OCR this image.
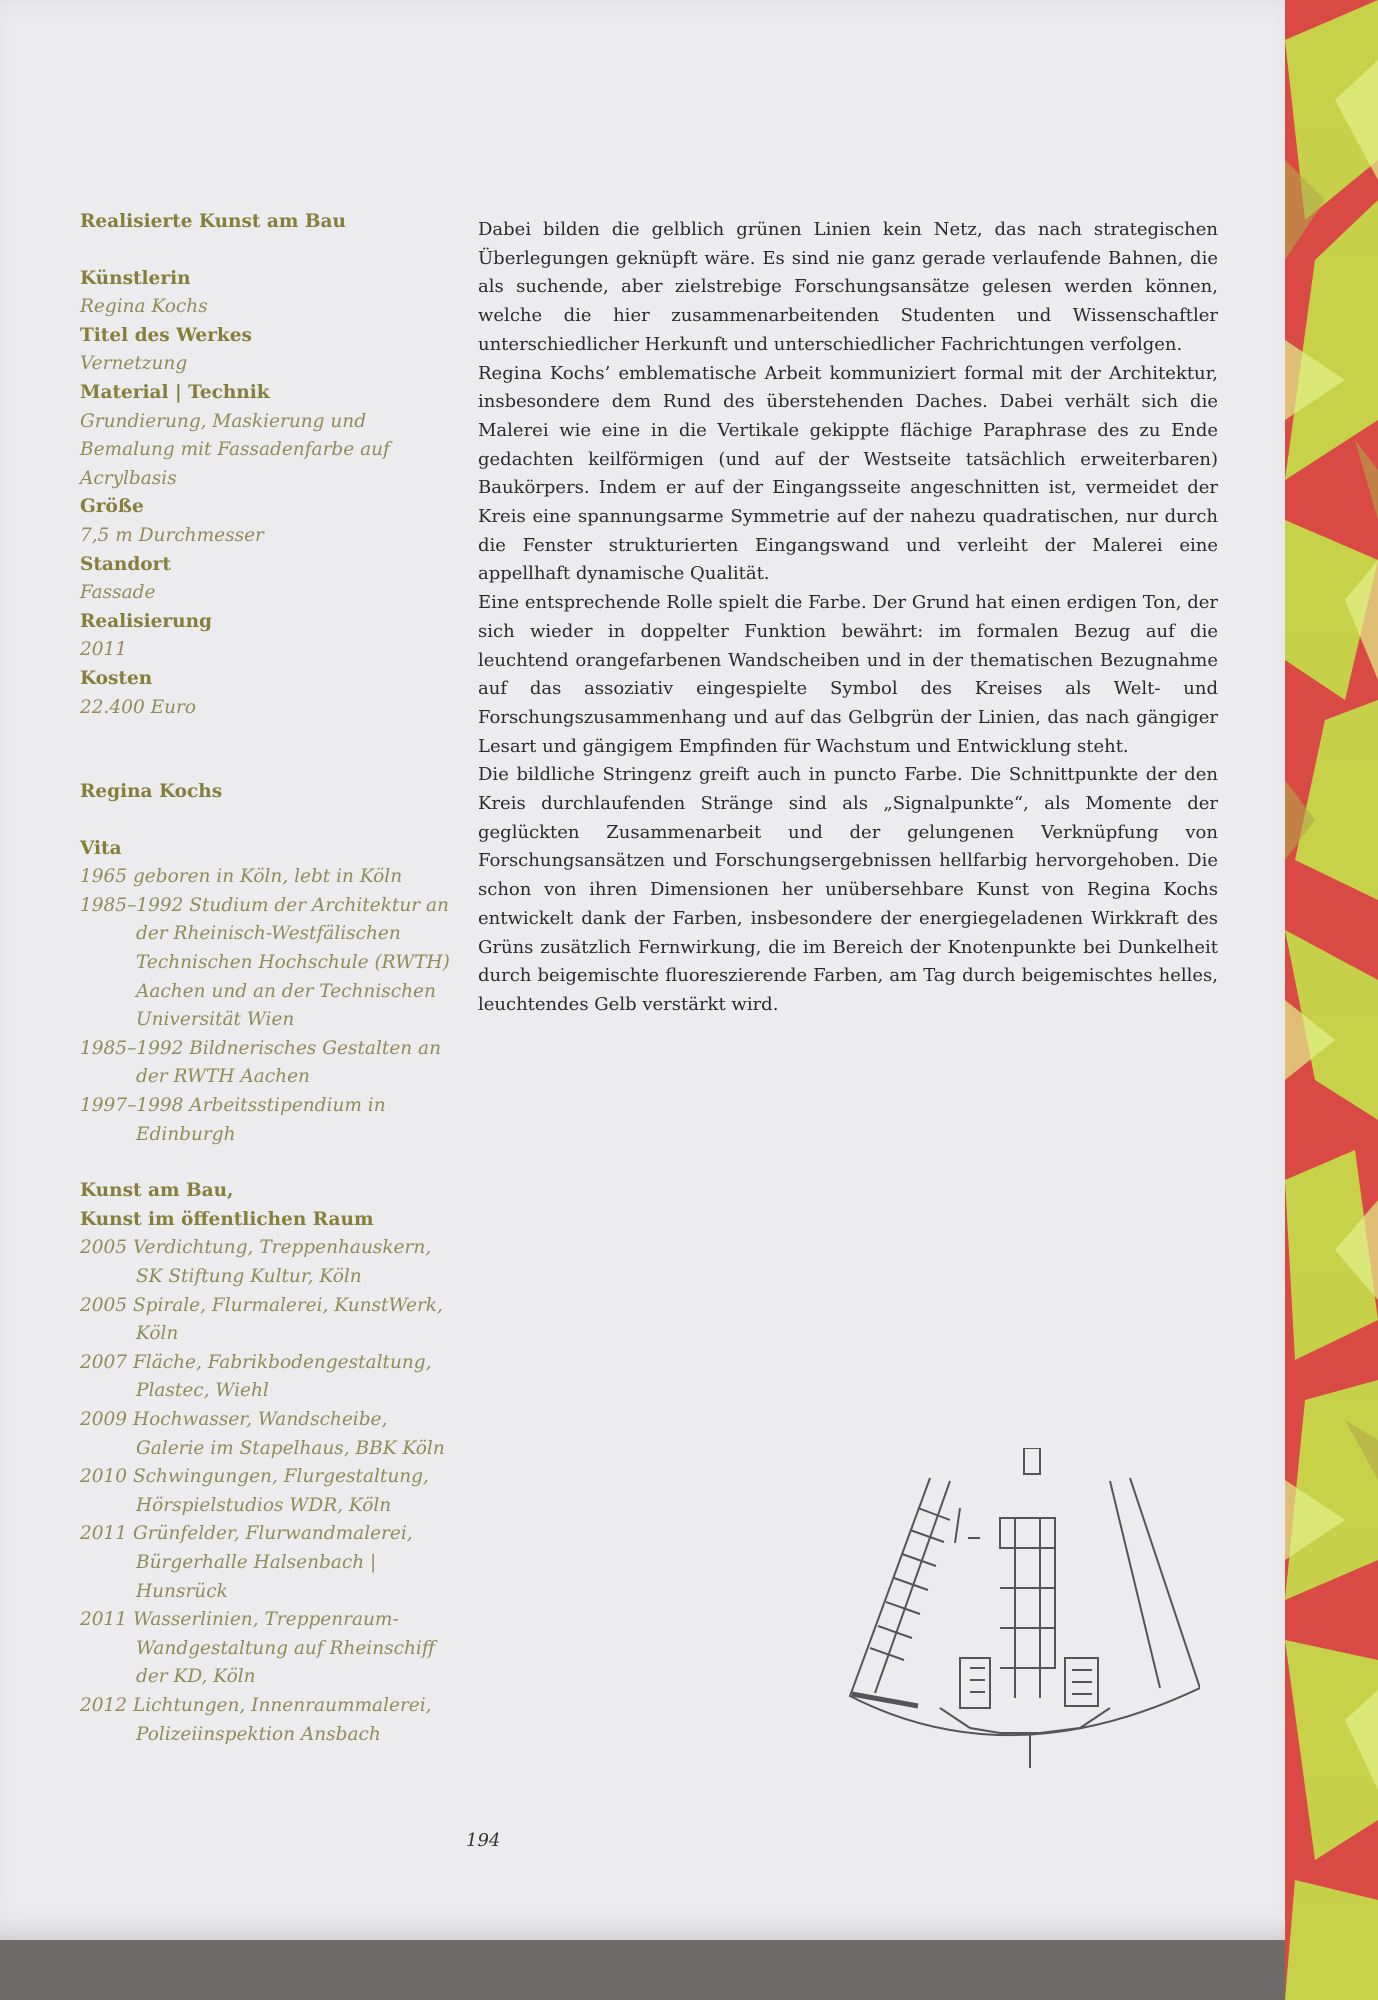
Realisierte Kunst am Bau
Künstlerin
Regina Kochs
Titel des Werkes
Vernetzung
Material | Technik
Grundierung, Maskierung und Bemalung mit Fassadenfarbe auf Acrylbasis
Größe
7,5 m Durchmesser
Standort
Fassade
Realisierung
2011
Kosten
22.400 Euro
Regina Kochs
Vita
1965 geboren in Köln, lebt in Köln
1985–1992 Studium der Architektur an der Rheinisch-Westfälischen Technischen Hochschule (RWTH) Aachen und an der Technischen Universität Wien
1985–1992 Bildnerisches Gestalten an der RWTH Aachen
1997–1998 Arbeitsstipendium in Edinburgh
Kunst am Bau,
Kunst im öffentlichen Raum
2005 Verdichtung, Treppenhauskern, SK Stiftung Kultur, Köln
2005 Spirale, Flurmalerei, KunstWerk, Köln
2007 Fläche, Fabrikbodengestaltung, Plastec, Wiehl
2009 Hochwasser, Wandscheibe, Galerie im Stapelhaus, BBK Köln
2010 Schwingungen, Flurgestaltung, Hörspielstudios WDR, Köln
2011 Grünfelder, Flurwandmalerei, Bürgerhalle Halsenbach | Hunsrück
2011 Wasserlinien, Treppenraum-Wandgestaltung auf Rheinschiff der KD, Köln
2012 Lichtungen, Innenraummalerei, Polizeiinspektion Ansbach

Dabei bilden die gelblich grünen Linien kein Netz, das nach strategischen Überlegungen geknüpft wäre. Es sind nie ganz gerade verlaufende Bahnen, die als suchende, aber zielstrebige Forschungsansätze gelesen werden können, welche die hier zusammenarbeitenden Studenten und Wissenschaftler unterschiedlicher Herkunft und unterschiedlicher Fachrichtungen verfolgen.

Regina Kochs’ emblematische Arbeit kommuniziert formal mit der Architektur, insbesondere dem Rund des überstehenden Daches. Dabei verhält sich die Malerei wie eine in die Vertikale gekippte flächige Paraphrase des zu Ende gedachten keilförmigen (und auf der Westseite tatsächlich erweiterbaren) Baukörpers. Indem er auf der Eingangsseite angeschnitten ist, vermeidet der Kreis eine spannungsarme Symmetrie auf der nahezu quadratischen, nur durch die Fenster strukturierten Eingangswand und verleiht der Malerei eine appellhaft dynamische Qualität.

Eine entsprechende Rolle spielt die Farbe. Der Grund hat einen erdigen Ton, der sich wieder in doppelter Funktion bewährt: im formalen Bezug auf die leuchtend orangefarbenen Wandscheiben und in der thematischen Bezugnahme auf das assoziativ eingespielte Symbol des Kreises als Welt- und Forschungszusammenhang und auf das Gelbgrün der Linien, das nach gängiger Lesart und gängigem Empfinden für Wachstum und Entwicklung steht.

Die bildliche Stringenz greift auch in puncto Farbe. Die Schnittpunkte der den Kreis durchlaufenden Stränge sind als „Signalpunkte“, als Momente der geglückten Zusammenarbeit und der gelungenen Verknüpfung von Forschungsansätzen und Forschungsergebnissen hellfarbig hervorgehoben. Die schon von ihren Dimensionen her unübersehbare Kunst von Regina Kochs entwickelt dank der Farben, insbesondere der energiegeladenen Wirkkraft des Grüns zusätzlich Fernwirkung, die im Bereich der Knotenpunkte bei Dunkelheit durch beigemischte fluoreszierende Farben, am Tag durch beigemischtes helles, leuchtendes Gelb verstärkt wird.

194
